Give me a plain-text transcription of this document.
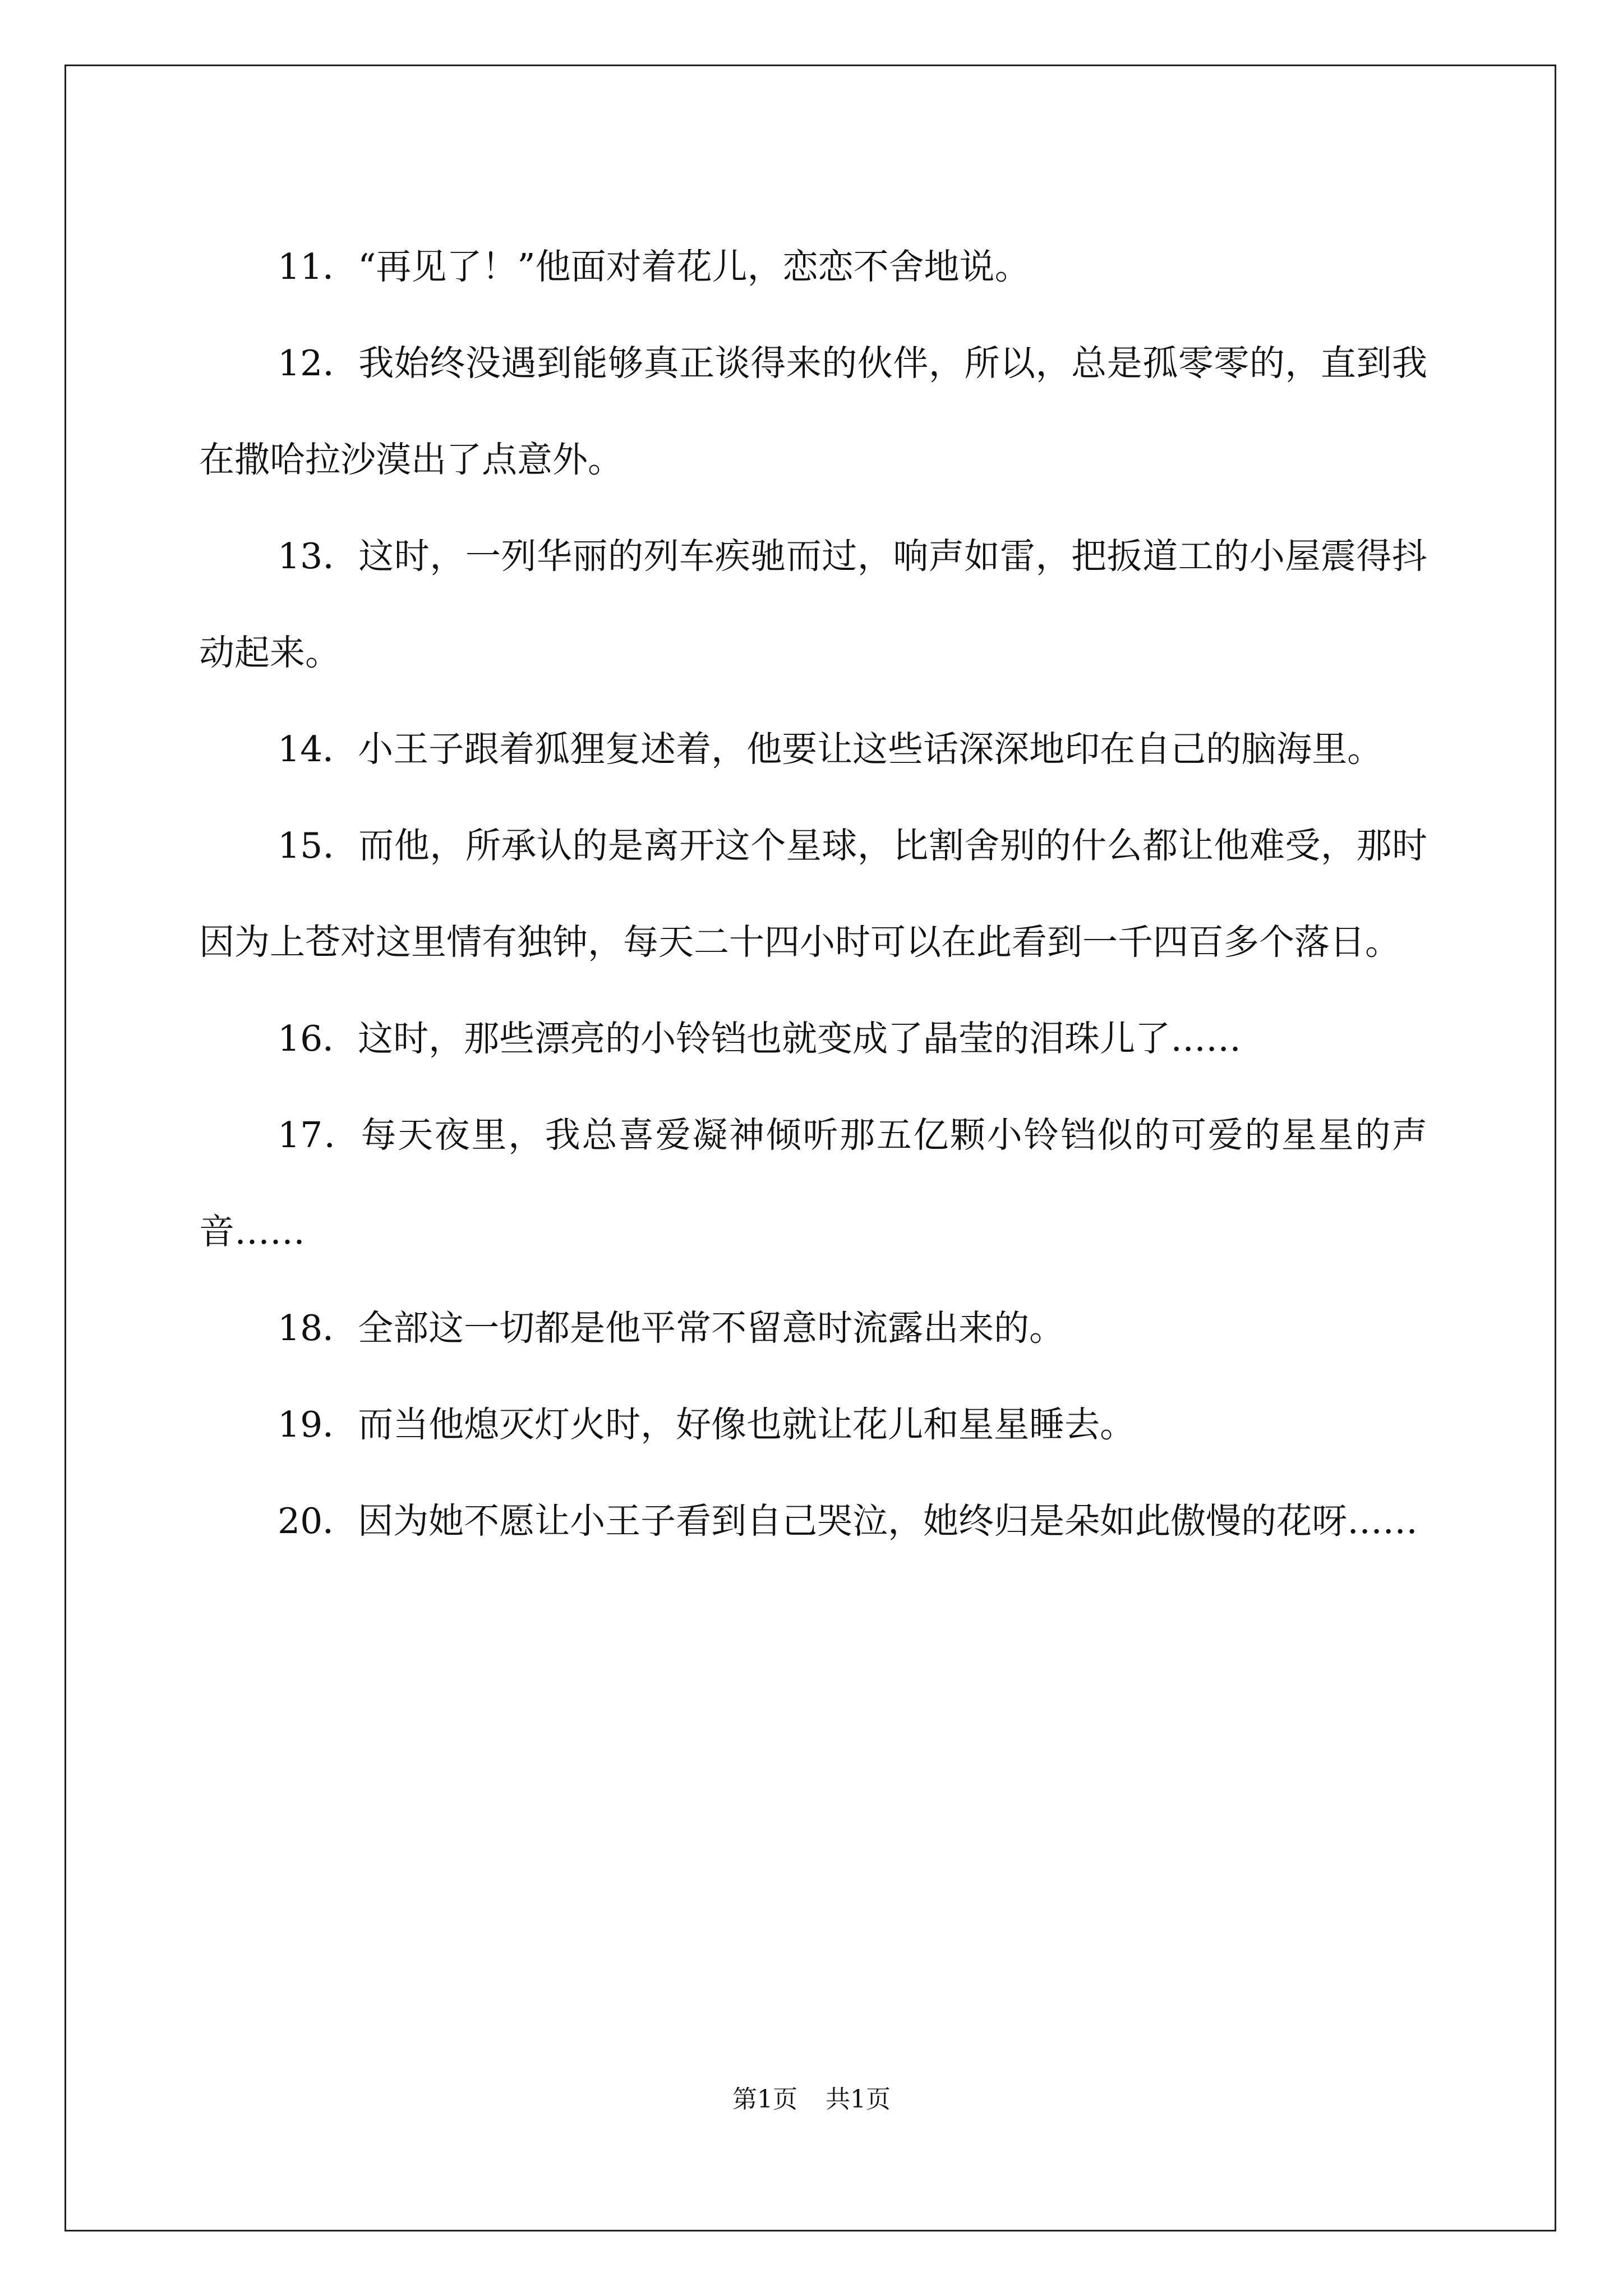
11．“再见了！”他面对着花儿，恋恋不舍地说。

12．我始终没遇到能够真正谈得来的伙伴，所以，总是孤零零的，直到我在撒哈拉沙漠出了点意外。

13．这时，一列华丽的列车疾驰而过，响声如雷，把扳道工的小屋震得抖动起来。

14．小王子跟着狐狸复述着，他要让这些话深深地印在自己的脑海里。

15．而他，所承认的是离开这个星球，比割舍别的什么都让他难受，那时因为上苍对这里情有独钟，每天二十四小时可以在此看到一千四百多个落日。

16．这时，那些漂亮的小铃铛也就变成了晶莹的泪珠儿了……

17．每天夜里，我总喜爱凝神倾听那五亿颗小铃铛似的可爱的星星的声音……

18．全部这一切都是他平常不留意时流露出来的。

19．而当他熄灭灯火时，好像也就让花儿和星星睡去。

20．因为她不愿让小王子看到自己哭泣，她终归是朵如此傲慢的花呀……

第1页 共1页
